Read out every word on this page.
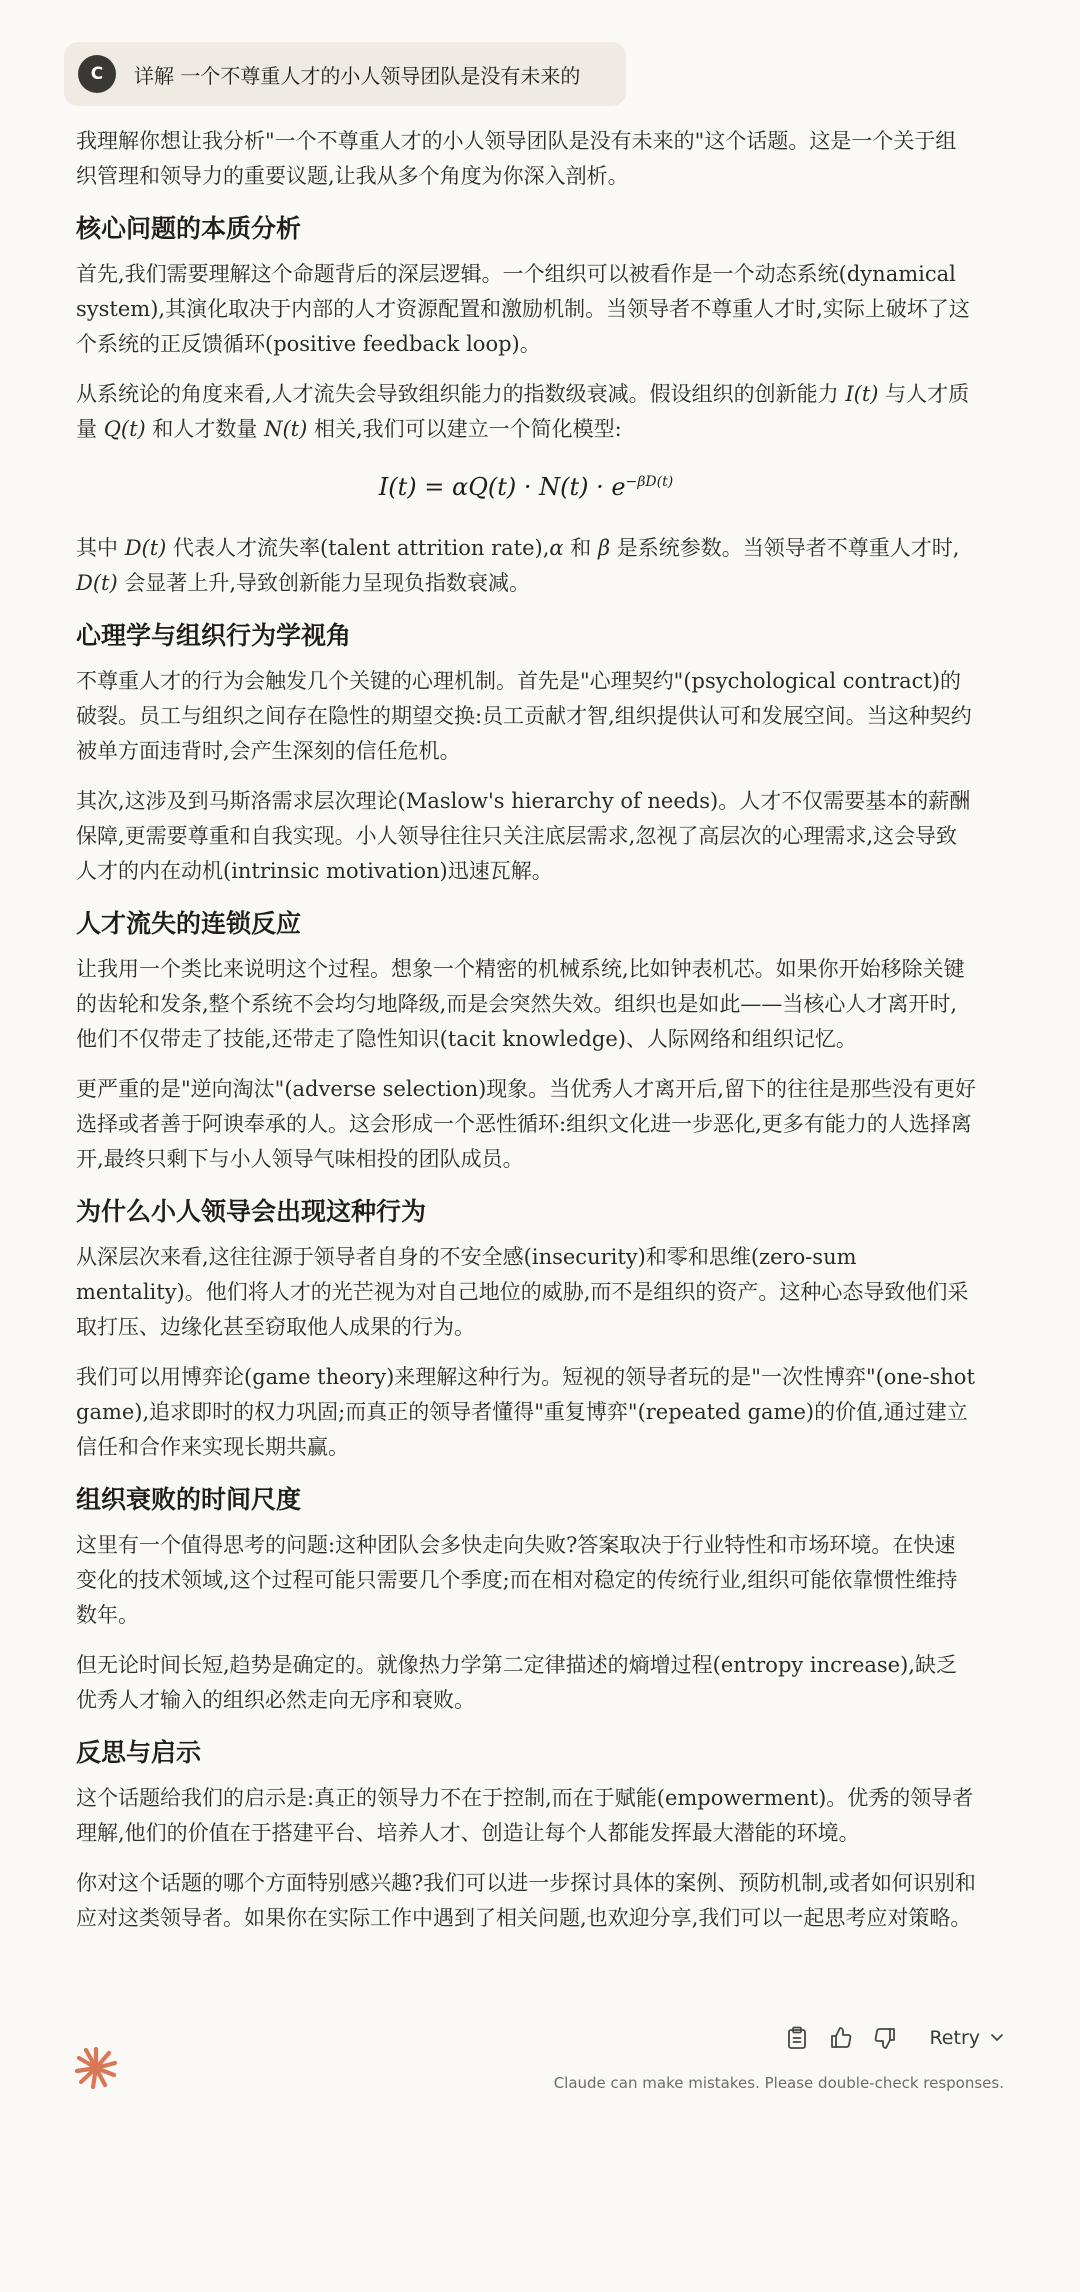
C	详解 一个不尊重人才的小人领导团队是没有未来的

我理解你想让我分析"一个不尊重人才的小人领导团队是没有未来的"这个话题。这是一个关于组织管理和领导力的重要议题,让我从多个角度为你深入剖析。

核心问题的本质分析

首先,我们需要理解这个命题背后的深层逻辑。一个组织可以被看作是一个动态系统(dynamical system),其演化取决于内部的人才资源配置和激励机制。当领导者不尊重人才时,实际上破坏了这个系统的正反馈循环(positive feedback loop)。

从系统论的角度来看,人才流失会导致组织能力的指数级衰减。假设组织的创新能力 I(t) 与人才质量 Q(t) 和人才数量 N(t) 相关,我们可以建立一个简化模型:

$I(t) = \alpha Q(t) \cdot N(t) \cdot e^{-\beta D(t)}$

其中 D(t) 代表人才流失率(talent attrition rate),α 和 β 是系统参数。当领导者不尊重人才时, D(t) 会显著上升,导致创新能力呈现负指数衰减。

心理学与组织行为学视角

不尊重人才的行为会触发几个关键的心理机制。首先是"心理契约"(psychological contract)的破裂。员工与组织之间存在隐性的期望交换:员工贡献才智,组织提供认可和发展空间。当这种契约被单方面违背时,会产生深刻的信任危机。

其次,这涉及到马斯洛需求层次理论(Maslow's hierarchy of needs)。人才不仅需要基本的薪酬保障,更需要尊重和自我实现。小人领导往往只关注底层需求,忽视了高层次的心理需求,这会导致人才的内在动机(intrinsic motivation)迅速瓦解。

人才流失的连锁反应

让我用一个类比来说明这个过程。想象一个精密的机械系统,比如钟表机芯。如果你开始移除关键的齿轮和发条,整个系统不会均匀地降级,而是会突然失效。组织也是如此——当核心人才离开时,他们不仅带走了技能,还带走了隐性知识(tacit knowledge)、人际网络和组织记忆。

更严重的是"逆向淘汰"(adverse selection)现象。当优秀人才离开后,留下的往往是那些没有更好选择或者善于阿谀奉承的人。这会形成一个恶性循环:组织文化进一步恶化,更多有能力的人选择离开,最终只剩下与小人领导气味相投的团队成员。

为什么小人领导会出现这种行为

从深层次来看,这往往源于领导者自身的不安全感(insecurity)和零和思维(zero-sum mentality)。他们将人才的光芒视为对自己地位的威胁,而不是组织的资产。这种心态导致他们采取打压、边缘化甚至窃取他人成果的行为。

我们可以用博弈论(game theory)来理解这种行为。短视的领导者玩的是"一次性博弈"(one-shot game),追求即时的权力巩固;而真正的领导者懂得"重复博弈"(repeated game)的价值,通过建立信任和合作来实现长期共赢。

组织衰败的时间尺度

这里有一个值得思考的问题:这种团队会多快走向失败?答案取决于行业特性和市场环境。在快速变化的技术领域,这个过程可能只需要几个季度;而在相对稳定的传统行业,组织可能依靠惯性维持数年。

但无论时间长短,趋势是确定的。就像热力学第二定律描述的熵增过程(entropy increase),缺乏优秀人才输入的组织必然走向无序和衰败。

反思与启示

这个话题给我们的启示是:真正的领导力不在于控制,而在于赋能(empowerment)。优秀的领导者理解,他们的价值在于搭建平台、培养人才、创造让每个人都能发挥最大潜能的环境。

你对这个话题的哪个方面特别感兴趣?我们可以进一步探讨具体的案例、预防机制,或者如何识别和应对这类领导者。如果你在实际工作中遇到了相关问题,也欢迎分享,我们可以一起思考应对策略。

Retry
Claude can make mistakes. Please double-check responses.
